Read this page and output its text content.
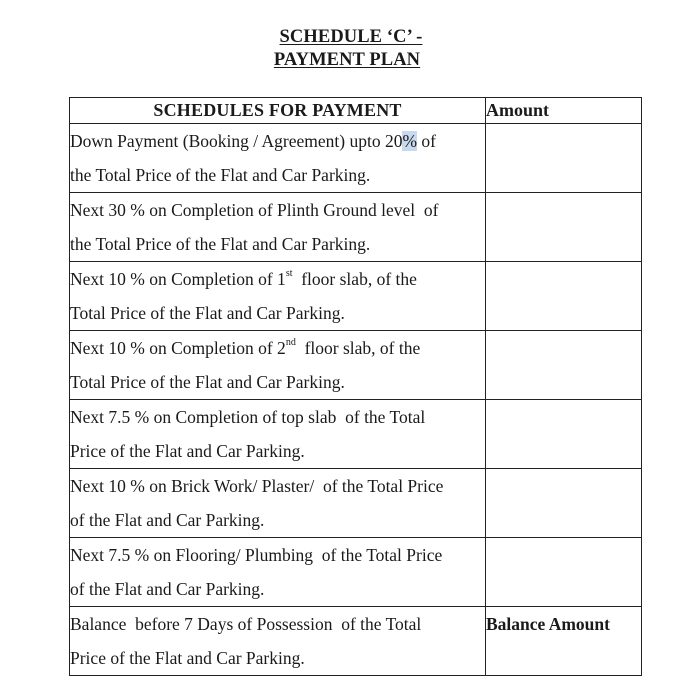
SCHEDULE ‘C’ -
PAYMENT PLAN
SCHEDULES FOR PAYMENT	Amount

Down Payment (Booking / Agreement) upto 20% of
the Total Price of the Flat and Car Parking.	

Next 30 % on Completion of Plinth Ground level  of
the Total Price of the Flat and Car Parking.	

Next 10 % on Completion of 1st  floor slab, of the
Total Price of the Flat and Car Parking.	

Next 10 % on Completion of 2nd  floor slab, of the
Total Price of the Flat and Car Parking.	

Next 7.5 % on Completion of top slab  of the Total
Price of the Flat and Car Parking.	

Next 10 % on Brick Work/ Plaster/  of the Total Price
of the Flat and Car Parking.	

Next 7.5 % on Flooring/ Plumbing  of the Total Price
of the Flat and Car Parking.	

Balance  before 7 Days of Possession  of the Total
Price of the Flat and Car Parking.	Balance Amount
